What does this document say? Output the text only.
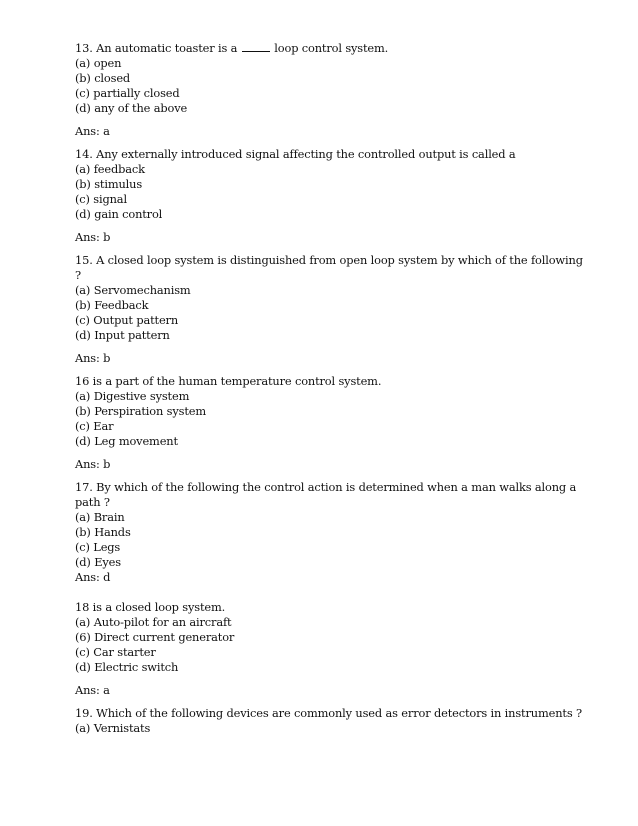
13. An automatic toaster is a	loop control system.
(a) open
(b) closed
(c) partially closed
(d) any of the above
Ans: a
14. Any externally introduced signal affecting the controlled output is called a
(a) feedback
(b) stimulus
(c) signal
(d) gain control
Ans: b
15. A closed loop system is distinguished from open loop system by which of the following
?
(a) Servomechanism
(b) Feedback
(c) Output pattern
(d) Input pattern
Ans: b
16 is a part of the human temperature control system.
(a) Digestive system
(b) Perspiration system
(c) Ear
(d) Leg movement
Ans: b
17. By which of the following the control action is determined when a man walks along a
path ?
(a) Brain
(b) Hands
(c) Legs
(d) Eyes
Ans: d
18 is a closed loop system.
(a) Auto-pilot for an aircraft
(6) Direct current generator
(c) Car starter
(d) Electric switch
Ans: a
19. Which of the following devices are commonly used as error detectors in instruments ?
(a) Vernistats
